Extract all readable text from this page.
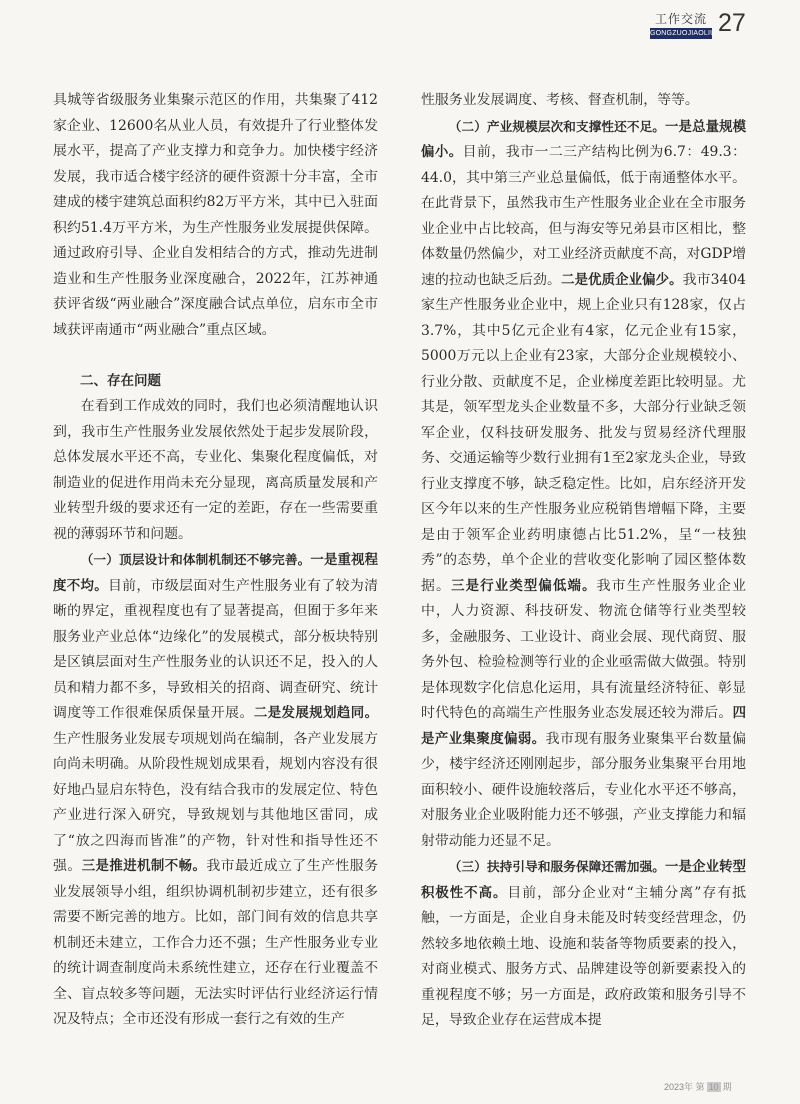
工作交流
GONGZUOJIAOLIU 27

具城等省级服务业集聚示范区的作用，共集聚了412家企业、12600名从业人员，有效提升了行业整体发展水平，提高了产业支撑力和竞争力。加快楼宇经济发展，我市适合楼宇经济的硬件资源十分丰富，全市建成的楼宇建筑总面积约82万平方米，其中已入驻面积约51.4万平方米，为生产性服务业发展提供保障。通过政府引导、企业自发相结合的方式，推动先进制造业和生产性服务业深度融合，2022年，江苏神通获评省级“两业融合”深度融合试点单位，启东市全市域获评南通市“两业融合”重点区域。

二、存在问题

在看到工作成效的同时，我们也必须清醒地认识到，我市生产性服务业发展依然处于起步发展阶段，总体发展水平还不高，专业化、集聚化程度偏低，对制造业的促进作用尚未充分显现，离高质量发展和产业转型升级的要求还有一定的差距，存在一些需要重视的薄弱环节和问题。

（一）顶层设计和体制机制还不够完善。一是重视程度不均。目前，市级层面对生产性服务业有了较为清晰的界定，重视程度也有了显著提高，但囿于多年来服务业产业总体“边缘化”的发展模式，部分板块特别是区镇层面对生产性服务业的认识还不足，投入的人员和精力都不多，导致相关的招商、调查研究、统计调度等工作很难保质保量开展。二是发展规划趋同。生产性服务业发展专项规划尚在编制，各产业发展方向尚未明确。从阶段性规划成果看，规划内容没有很好地凸显启东特色，没有结合我市的发展定位、特色产业进行深入研究，导致规划与其他地区雷同，成了“放之四海而皆准”的产物，针对性和指导性还不强。三是推进机制不畅。我市最近成立了生产性服务业发展领导小组，组织协调机制初步建立，还有很多需要不断完善的地方。比如，部门间有效的信息共享机制还未建立，工作合力还不强；生产性服务业专业的统计调查制度尚未系统性建立，还存在行业覆盖不全、盲点较多等问题，无法实时评估行业经济运行情况及特点；全市还没有形成一套行之有效的生产

性服务业发展调度、考核、督查机制，等等。

（二）产业规模层次和支撑性还不足。一是总量规模偏小。目前，我市一二三产结构比例为6.7：49.3：44.0，其中第三产业总量偏低，低于南通整体水平。在此背景下，虽然我市生产性服务业企业在全市服务业企业中占比较高，但与海安等兄弟县市区相比，整体数量仍然偏少，对工业经济贡献度不高，对GDP增速的拉动也缺乏后劲。二是优质企业偏少。我市3404家生产性服务业企业中，规上企业只有128家，仅占3.7%，其中5亿元企业有4家，亿元企业有15家，5000万元以上企业有23家，大部分企业规模较小、行业分散、贡献度不足，企业梯度差距比较明显。尤其是，领军型龙头企业数量不多，大部分行业缺乏领军企业，仅科技研发服务、批发与贸易经济代理服务、交通运输等少数行业拥有1至2家龙头企业，导致行业支撑度不够，缺乏稳定性。比如，启东经济开发区今年以来的生产性服务业应税销售增幅下降，主要是由于领军企业药明康德占比51.2%，呈“一枝独秀”的态势，单个企业的营收变化影响了园区整体数据。三是行业类型偏低端。我市生产性服务业企业中，人力资源、科技研发、物流仓储等行业类型较多，金融服务、工业设计、商业会展、现代商贸、服务外包、检验检测等行业的企业亟需做大做强。特别是体现数字化信息化运用，具有流量经济特征、彰显时代特色的高端生产性服务业态发展还较为滞后。四是产业集聚度偏弱。我市现有服务业聚集平台数量偏少，楼宇经济还刚刚起步，部分服务业集聚平台用地面积较小、硬件设施较落后，专业化水平还不够高，对服务业企业吸附能力还不够强，产业支撑能力和辐射带动能力还显不足。

（三）扶持引导和服务保障还需加强。一是企业转型积极性不高。目前，部分企业对“主辅分离”存有抵触，一方面是，企业自身未能及时转变经营理念，仍然较多地依赖土地、设施和装备等物质要素的投入，对商业模式、服务方式、品牌建设等创新要素投入的重视程度不够；另一方面是，政府政策和服务引导不足，导致企业存在运营成本提

2023年 第 10 期
